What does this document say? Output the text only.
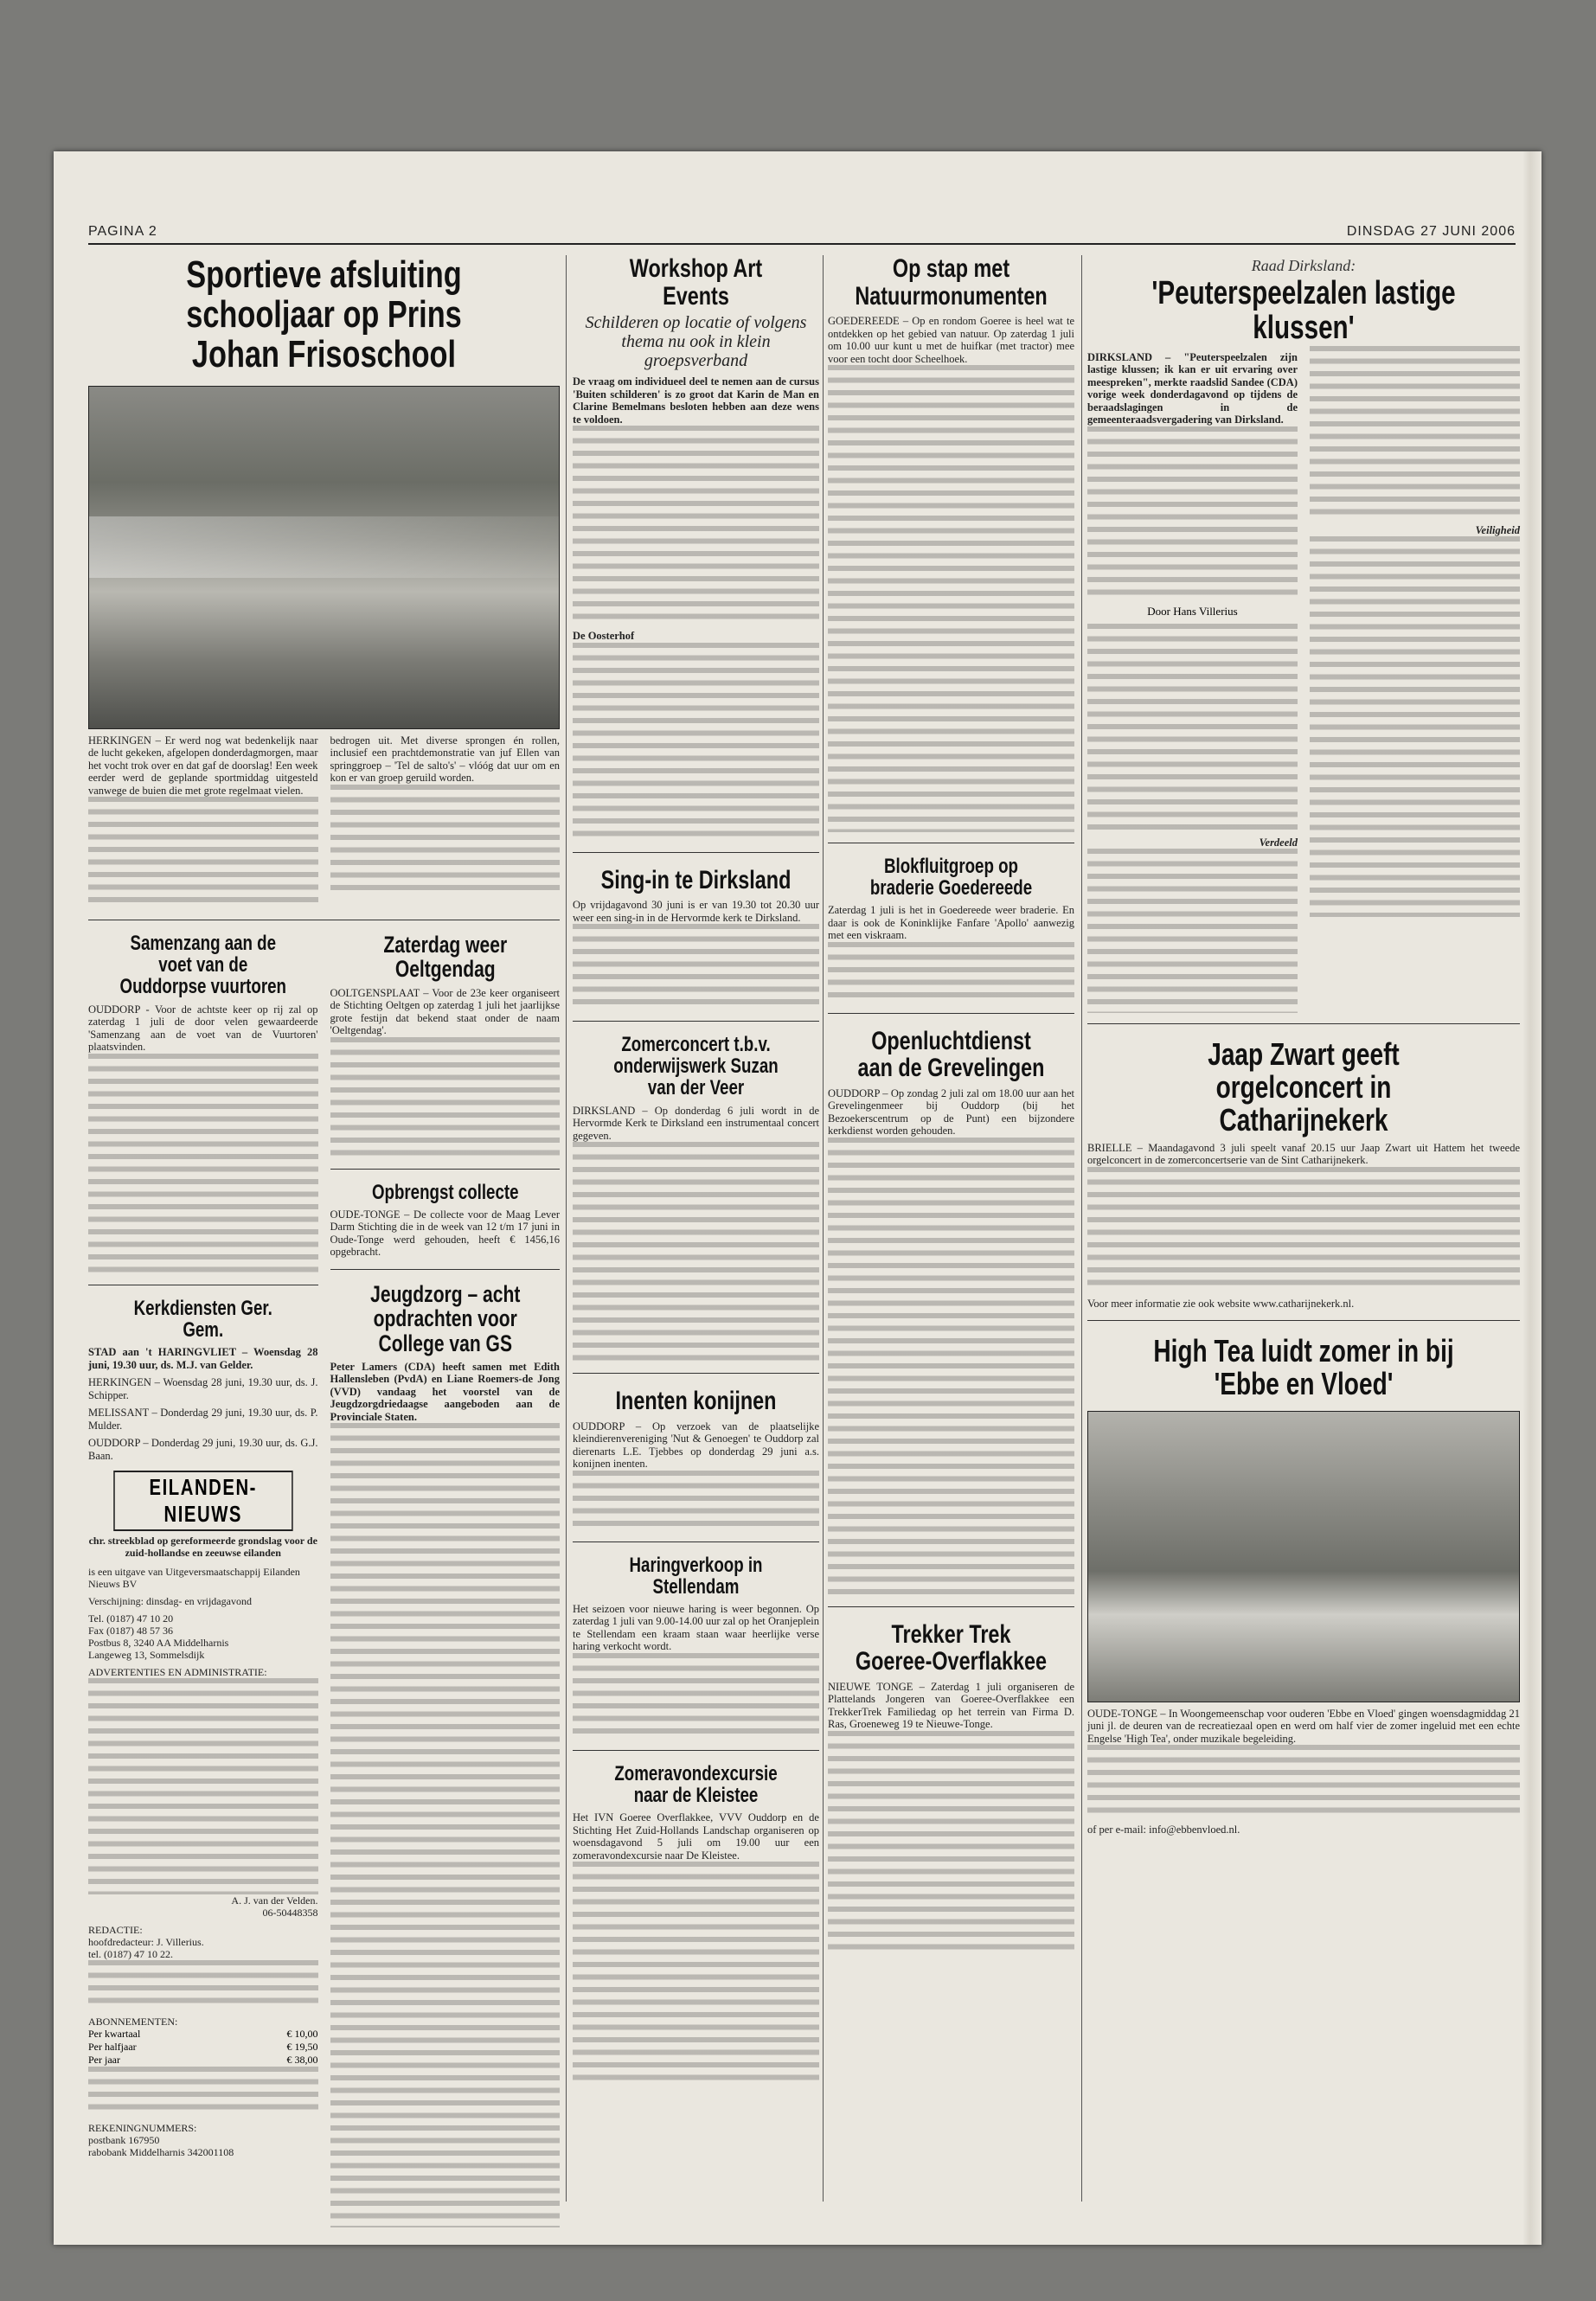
PAGINA 2	DINSDAG 27 JUNI 2006
Sportieve afsluiting schooljaar op Prins Johan Frisoschool
HERKINGEN – Er werd nog wat bedenkelijk naar de lucht gekeken, afgelopen donderdagmorgen, maar het vocht trok over en dat gaf de doorslag! Een week eerder werd de geplande sportmiddag uitgesteld vanwege de buien die met grote regelmaat vielen.
bedrogen uit. Met diverse sprongen én rollen, inclusief een prachtdemonstratie van juf Ellen van springgroep – 'Tel de salto's' – vlóóg dat uur om en kon er van groep geruild worden.
Samenzang aan de voet van de Ouddorpse vuurtoren
OUDDORP - Voor de achtste keer op rij zal op zaterdag 1 juli de door velen gewaardeerde 'Samenzang aan de voet van de Vuurtoren' plaatsvinden.
Kerkdiensten Ger. Gem.
STAD aan 't HARINGVLIET – Woensdag 28 juni, 19.30 uur, ds. M.J. van Gelder.
HERKINGEN – Woensdag 28 juni, 19.30 uur, ds. J. Schipper.
MELISSANT – Donderdag 29 juni, 19.30 uur, ds. P. Mulder.
OUDDORP – Donderdag 29 juni, 19.30 uur, ds. G.J. Baan.
EILANDEN-NIEUWS
chr. streekblad op gereformeerde grondslag voor de zuid-hollandse en zeeuwse eilanden
is een uitgave van Uitgeversmaatschappij Eilanden Nieuws BV
Verschijning: dinsdag- en vrijdagavond
Tel. (0187) 47 10 20
Fax (0187) 48 57 36
Postbus 8, 3240 AA Middelharnis
Langeweg 13, Sommelsdijk
ADVERTENTIES EN ADMINISTRATIE:
A. J. van der Velden.
06-50448358
REDACTIE:
hoofdredacteur: J. Villerius.
tel. (0187) 47 10 22.
ABONNEMENTEN:
Per kwartaal	€ 10,00
Per halfjaar	€ 19,50
Per jaar	€ 38,00
REKENINGNUMMERS:
postbank 167950
rabobank Middelharnis 342001108
Zaterdag weer Oeltgendag
OOLTGENSPLAAT – Voor de 23e keer organiseert de Stichting Oeltgen op zaterdag 1 juli het jaarlijkse grote festijn dat bekend staat onder de naam 'Oeltgendag'.
Opbrengst collecte
OUDE-TONGE – De collecte voor de Maag Lever Darm Stichting die in de week van 12 t/m 17 juni in Oude-Tonge werd gehouden, heeft € 1456,16 opgebracht.
Jeugdzorg – acht opdrachten voor College van GS
Peter Lamers (CDA) heeft samen met Edith Hallensleben (PvdA) en Liane Roemers-de Jong (VVD) vandaag het voorstel van de Jeugdzorgdriedaagse aangeboden aan de Provinciale Staten.
Workshop Art Events
Schilderen op locatie of volgens thema nu ook in klein groepsverband
De vraag om individueel deel te nemen aan de cursus 'Buiten schilderen' is zo groot dat Karin de Man en Clarine Bemelmans besloten hebben aan deze wens te voldoen.
De Oosterhof
Sing-in te Dirksland
Op vrijdagavond 30 juni is er van 19.30 tot 20.30 uur weer een sing-in in de Hervormde kerk te Dirksland.
Zomerconcert t.b.v. onderwijswerk Suzan van der Veer
DIRKSLAND – Op donderdag 6 juli wordt in de Hervormde Kerk te Dirksland een instrumentaal concert gegeven.
Inenten konijnen
OUDDORP – Op verzoek van de plaatselijke kleindierenvereniging 'Nut & Genoegen' te Ouddorp zal dierenarts L.E. Tjebbes op donderdag 29 juni a.s. konijnen inenten.
Haringverkoop in Stellendam
Het seizoen voor nieuwe haring is weer begonnen. Op zaterdag 1 juli van 9.00-14.00 uur zal op het Oranjeplein te Stellendam een kraam staan waar heerlijke verse haring verkocht wordt.
Zomeravondexcursie naar de Kleistee
Het IVN Goeree Overflakkee, VVV Ouddorp en de Stichting Het Zuid-Hollands Landschap organiseren op woensdagavond 5 juli om 19.00 uur een zomeravondexcursie naar De Kleistee.
Op stap met Natuurmonumenten
GOEDEREEDE – Op en rondom Goeree is heel wat te ontdekken op het gebied van natuur. Op zaterdag 1 juli om 10.00 uur kunt u met de huifkar (met tractor) mee voor een tocht door Scheelhoek.
Blokfluitgroep op braderie Goedereede
Zaterdag 1 juli is het in Goedereede weer braderie. En daar is ook de Koninklijke Fanfare 'Apollo' aanwezig met een viskraam.
Openluchtdienst aan de Grevelingen
OUDDORP – Op zondag 2 juli zal om 18.00 uur aan het Grevelingenmeer bij Ouddorp (bij het Bezoekerscentrum op de Punt) een bijzondere kerkdienst worden gehouden.
Trekker Trek Goeree-Overflakkee
NIEUWE TONGE – Zaterdag 1 juli organiseren de Plattelands Jongeren van Goeree-Overflakkee een TrekkerTrek Familiedag op het terrein van Firma D. Ras, Groeneweg 19 te Nieuwe-Tonge.
Raad Dirksland:
'Peuterspeelzalen lastige klussen'
DIRKSLAND – "Peuterspeelzalen zijn lastige klussen; ik kan er uit ervaring over meespreken", merkte raadslid Sandee (CDA) vorige week donderdagavond op tijdens de beraadslagingen in de gemeenteraadsvergadering van Dirksland.
Door Hans Villerius
Verdeeld
Veiligheid
Jaap Zwart geeft orgelconcert in Catharijnekerk
BRIELLE – Maandagavond 3 juli speelt vanaf 20.15 uur Jaap Zwart uit Hattem het tweede orgelconcert in de zomerconcertserie van de Sint Catharijnekerk.
Voor meer informatie zie ook website www.catharijnekerk.nl.
High Tea luidt zomer in bij 'Ebbe en Vloed'
OUDE-TONGE – In Woongemeenschap voor ouderen 'Ebbe en Vloed' gingen woensdagmiddag 21 juni jl. de deuren van de recreatiezaal open en werd om half vier de zomer ingeluid met een echte Engelse 'High Tea', onder muzikale begeleiding.
of per e-mail: info@ebbenvloed.nl.
